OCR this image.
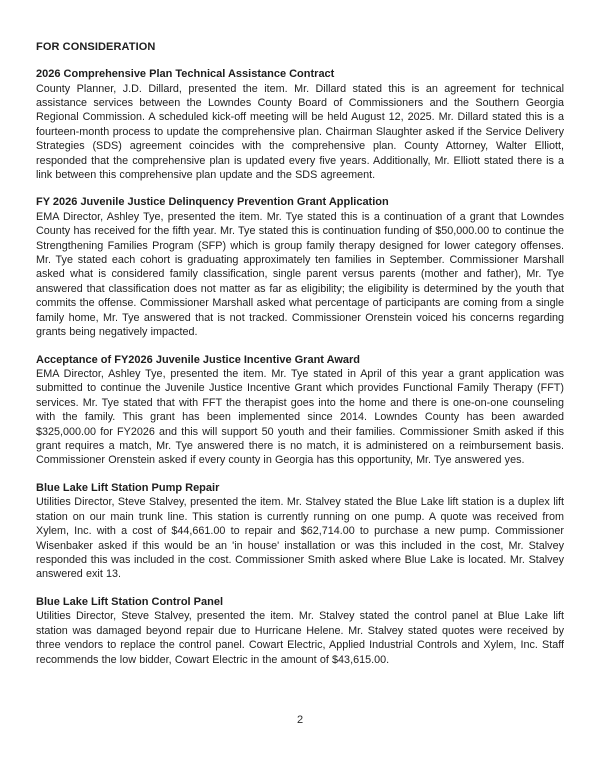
FOR CONSIDERATION
2026 Comprehensive Plan Technical Assistance Contract
County Planner, J.D. Dillard, presented the item. Mr. Dillard stated this is an agreement for technical assistance services between the Lowndes County Board of Commissioners and the Southern Georgia Regional Commission. A scheduled kick-off meeting will be held August 12, 2025. Mr. Dillard stated this is a fourteen-month process to update the comprehensive plan. Chairman Slaughter asked if the Service Delivery Strategies (SDS) agreement coincides with the comprehensive plan. County Attorney, Walter Elliott, responded that the comprehensive plan is updated every five years. Additionally, Mr. Elliott stated there is a link between this comprehensive plan update and the SDS agreement.
FY 2026 Juvenile Justice Delinquency Prevention Grant Application
EMA Director, Ashley Tye, presented the item. Mr. Tye stated this is a continuation of a grant that Lowndes County has received for the fifth year. Mr. Tye stated this is continuation funding of $50,000.00 to continue the Strengthening Families Program (SFP) which is group family therapy designed for lower category offenses. Mr. Tye stated each cohort is graduating approximately ten families in September. Commissioner Marshall asked what is considered family classification, single parent versus parents (mother and father), Mr. Tye answered that classification does not matter as far as eligibility; the eligibility is determined by the youth that commits the offense. Commissioner Marshall asked what percentage of participants are coming from a single family home, Mr. Tye answered that is not tracked. Commissioner Orenstein voiced his concerns regarding grants being negatively impacted.
Acceptance of FY2026 Juvenile Justice Incentive Grant Award
EMA Director, Ashley Tye, presented the item. Mr. Tye stated in April of this year a grant application was submitted to continue the Juvenile Justice Incentive Grant which provides Functional Family Therapy (FFT) services. Mr. Tye stated that with FFT the therapist goes into the home and there is one-on-one counseling with the family. This grant has been implemented since 2014. Lowndes County has been awarded $325,000.00 for FY2026 and this will support 50 youth and their families. Commissioner Smith asked if this grant requires a match, Mr. Tye answered there is no match, it is administered on a reimbursement basis. Commissioner Orenstein asked if every county in Georgia has this opportunity, Mr. Tye answered yes.
Blue Lake Lift Station Pump Repair
Utilities Director, Steve Stalvey, presented the item. Mr. Stalvey stated the Blue Lake lift station is a duplex lift station on our main trunk line. This station is currently running on one pump. A quote was received from Xylem, Inc. with a cost of $44,661.00 to repair and $62,714.00 to purchase a new pump. Commissioner Wisenbaker asked if this would be an 'in house' installation or was this included in the cost, Mr. Stalvey responded this was included in the cost. Commissioner Smith asked where Blue Lake is located. Mr. Stalvey answered exit 13.
Blue Lake Lift Station Control Panel
Utilities Director, Steve Stalvey, presented the item. Mr. Stalvey stated the control panel at Blue Lake lift station was damaged beyond repair due to Hurricane Helene. Mr. Stalvey stated quotes were received by three vendors to replace the control panel. Cowart Electric, Applied Industrial Controls and Xylem, Inc. Staff recommends the low bidder, Cowart Electric in the amount of $43,615.00.
2
